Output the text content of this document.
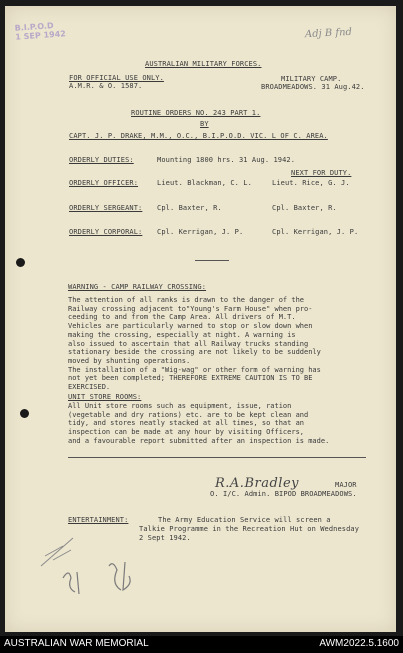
B.I.P.O.D
1 SEP 1942	Adj B fnd
AUSTRALIAN MILITARY FORCES.
FOR OFFICIAL USE ONLY.
A.M.R. & O. 1587.
MILITARY CAMP.
BROADMEADOWS. 31 Aug.42.
ROUTINE ORDERS NO. 243 PART 1.
BY
CAPT. J. P. DRAKE, M.M., O.C., B.I.P.O.D. VIC. L OF C. AREA.
ORDERLY DUTIES:	Mounting 1800 hrs. 31 Aug. 1942.
NEXT FOR DUTY.
ORDERLY OFFICER:	Lieut. Blackman, C. L.	Lieut. Rice, G. J.
ORDERLY SERGEANT: Cpl. Baxter, R.	Cpl. Baxter, R.
ORDERLY CORPORAL: Cpl. Kerrigan, J. P.	Cpl. Kerrigan, J. P.
WARNING - CAMP RAILWAY CROSSING:
The attention of all ranks is drawn to the danger of the
Railway crossing adjacent to"Young's Farm House" when pro-
ceeding to and from the Camp Area. All drivers of M.T.
Vehicles are particularly warned to stop or slow down when
making the crossing, especially at night. A warning is
also issued to ascertain that all Railway trucks standing
stationary beside the crossing are not likely to be suddenly
moved by shunting operations.
The installation of a "Wig-wag" or other form of warning has
not yet been completed; THEREFORE EXTREME CAUTION IS TO BE
EXERCISED.
UNIT STORE ROOMS:
All Unit store rooms such as equipment, issue, ration
(vegetable and dry rations) etc. are to be kept clean and
tidy, and stores neatly stacked at all times, so that an
inspection can be made at any hour by visiting Officers,
and a favourable report submitted after an inspection is made.
R.A.Bradley	MAJOR
O. I/C. Admin. BIPOD BROADMEADOWS.
ENTERTAINMENT:	The Army Education Service will screen a
Talkie Programme in the Recreation Hut on Wednesday
2 Sept 1942.
AUSTRALIAN WAR MEMORIAL	AWM2022.5.1600
